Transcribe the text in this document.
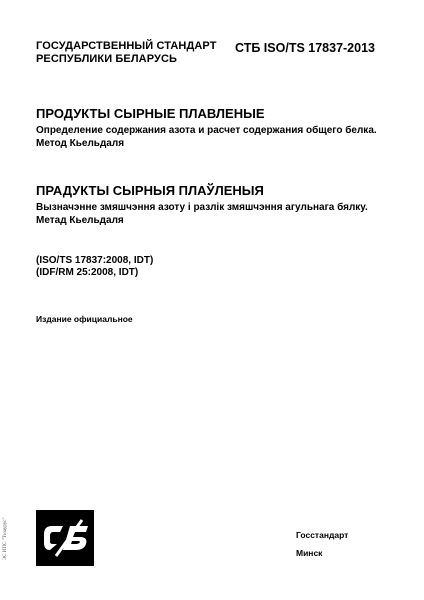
ГОСУДАРСТВЕННЫЙ СТАНДАРТ
РЕСПУБЛИКИ БЕЛАРУСЬ
СТБ ISO/TS 17837-2013
ПРОДУКТЫ СЫРНЫЕ ПЛАВЛЕНЫЕ
Определение содержания азота и расчет содержания общего белка.
Метод Кьельдаля
ПРАДУКТЫ СЫРНЫЯ ПЛАЎЛЕНЫЯ
Вызначэнне змяшчэння азоту і разлік змяшчэння агульнага бялку.
Метад Кьельдаля
(ISO/TS 17837:2008, IDT)
(IDF/RM 25:2008, IDT)
Издание официальное
Госстандарт
Минск
ЭС ИПС "Тезаурус"
